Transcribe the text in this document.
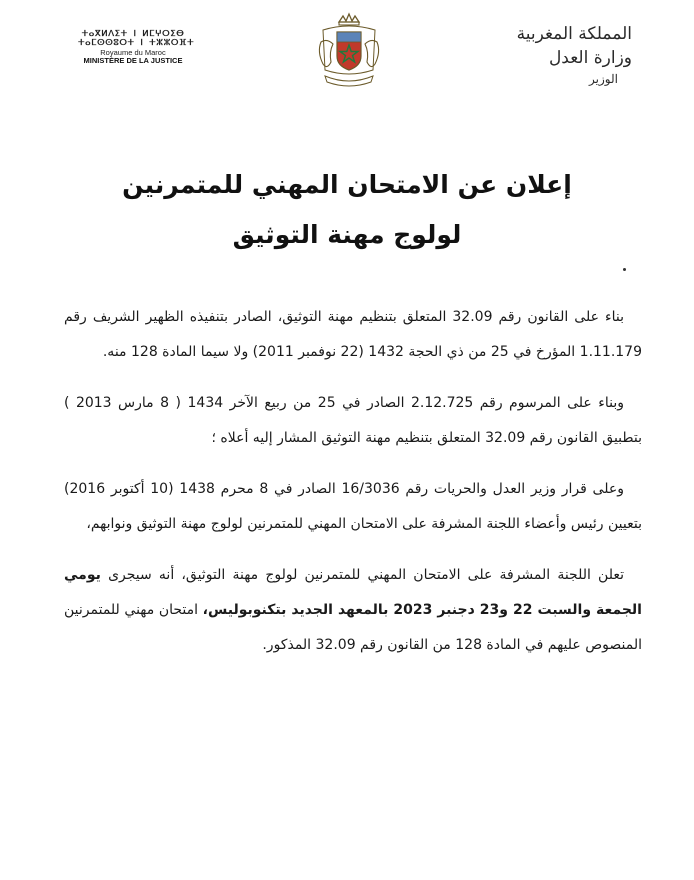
ⵜⴰⴳⵍⴷⵉⵜ ⵏ ⵍⵎⵖⵔⵉⴱ
ⵜⴰⵎⵙⵙⵓⵔⵜ ⵏ ⵜⵣⵣⵔⴼⵜ
Royaume du Maroc
MINISTÈRE DE LA JUSTICE
المملكة المغربية
وزارة العدل
الوزير
إعلان عن الامتحان المهني للمتمرنين
لولوج مهنة التوثيق

بناء على القانون رقم 32.09 المتعلق بتنظيم مهنة التوثيق، الصادر بتنفيذه الظهير الشريف رقم 1.11.179 المؤرخ في 25 من ذي الحجة 1432 (22 نوفمبر 2011) ولا سيما المادة 128 منه.

وبناء على المرسوم رقم 2.12.725 الصادر في 25 من ربيع الآخر 1434 ( 8 مارس 2013 ) بتطبيق القانون رقم 32.09 المتعلق بتنظيم مهنة التوثيق المشار إليه أعلاه ؛

وعلى قرار وزير العدل والحريات رقم 16/3036 الصادر في 8 محرم 1438 (10 أكتوبر 2016) بتعيين رئيس وأعضاء اللجنة المشرفة على الامتحان المهني للمتمرنين لولوج مهنة التوثيق ونوابهم،

تعلن اللجنة المشرفة على الامتحان المهني للمتمرنين لولوج مهنة التوثيق، أنه سيجرى يومي الجمعة والسبت 22 و23 دجنبر 2023 بالمعهد الجديد بتكنوبوليس، امتحان مهني للمتمرنين المنصوص عليهم في المادة 128 من القانون رقم 32.09 المذكور.
